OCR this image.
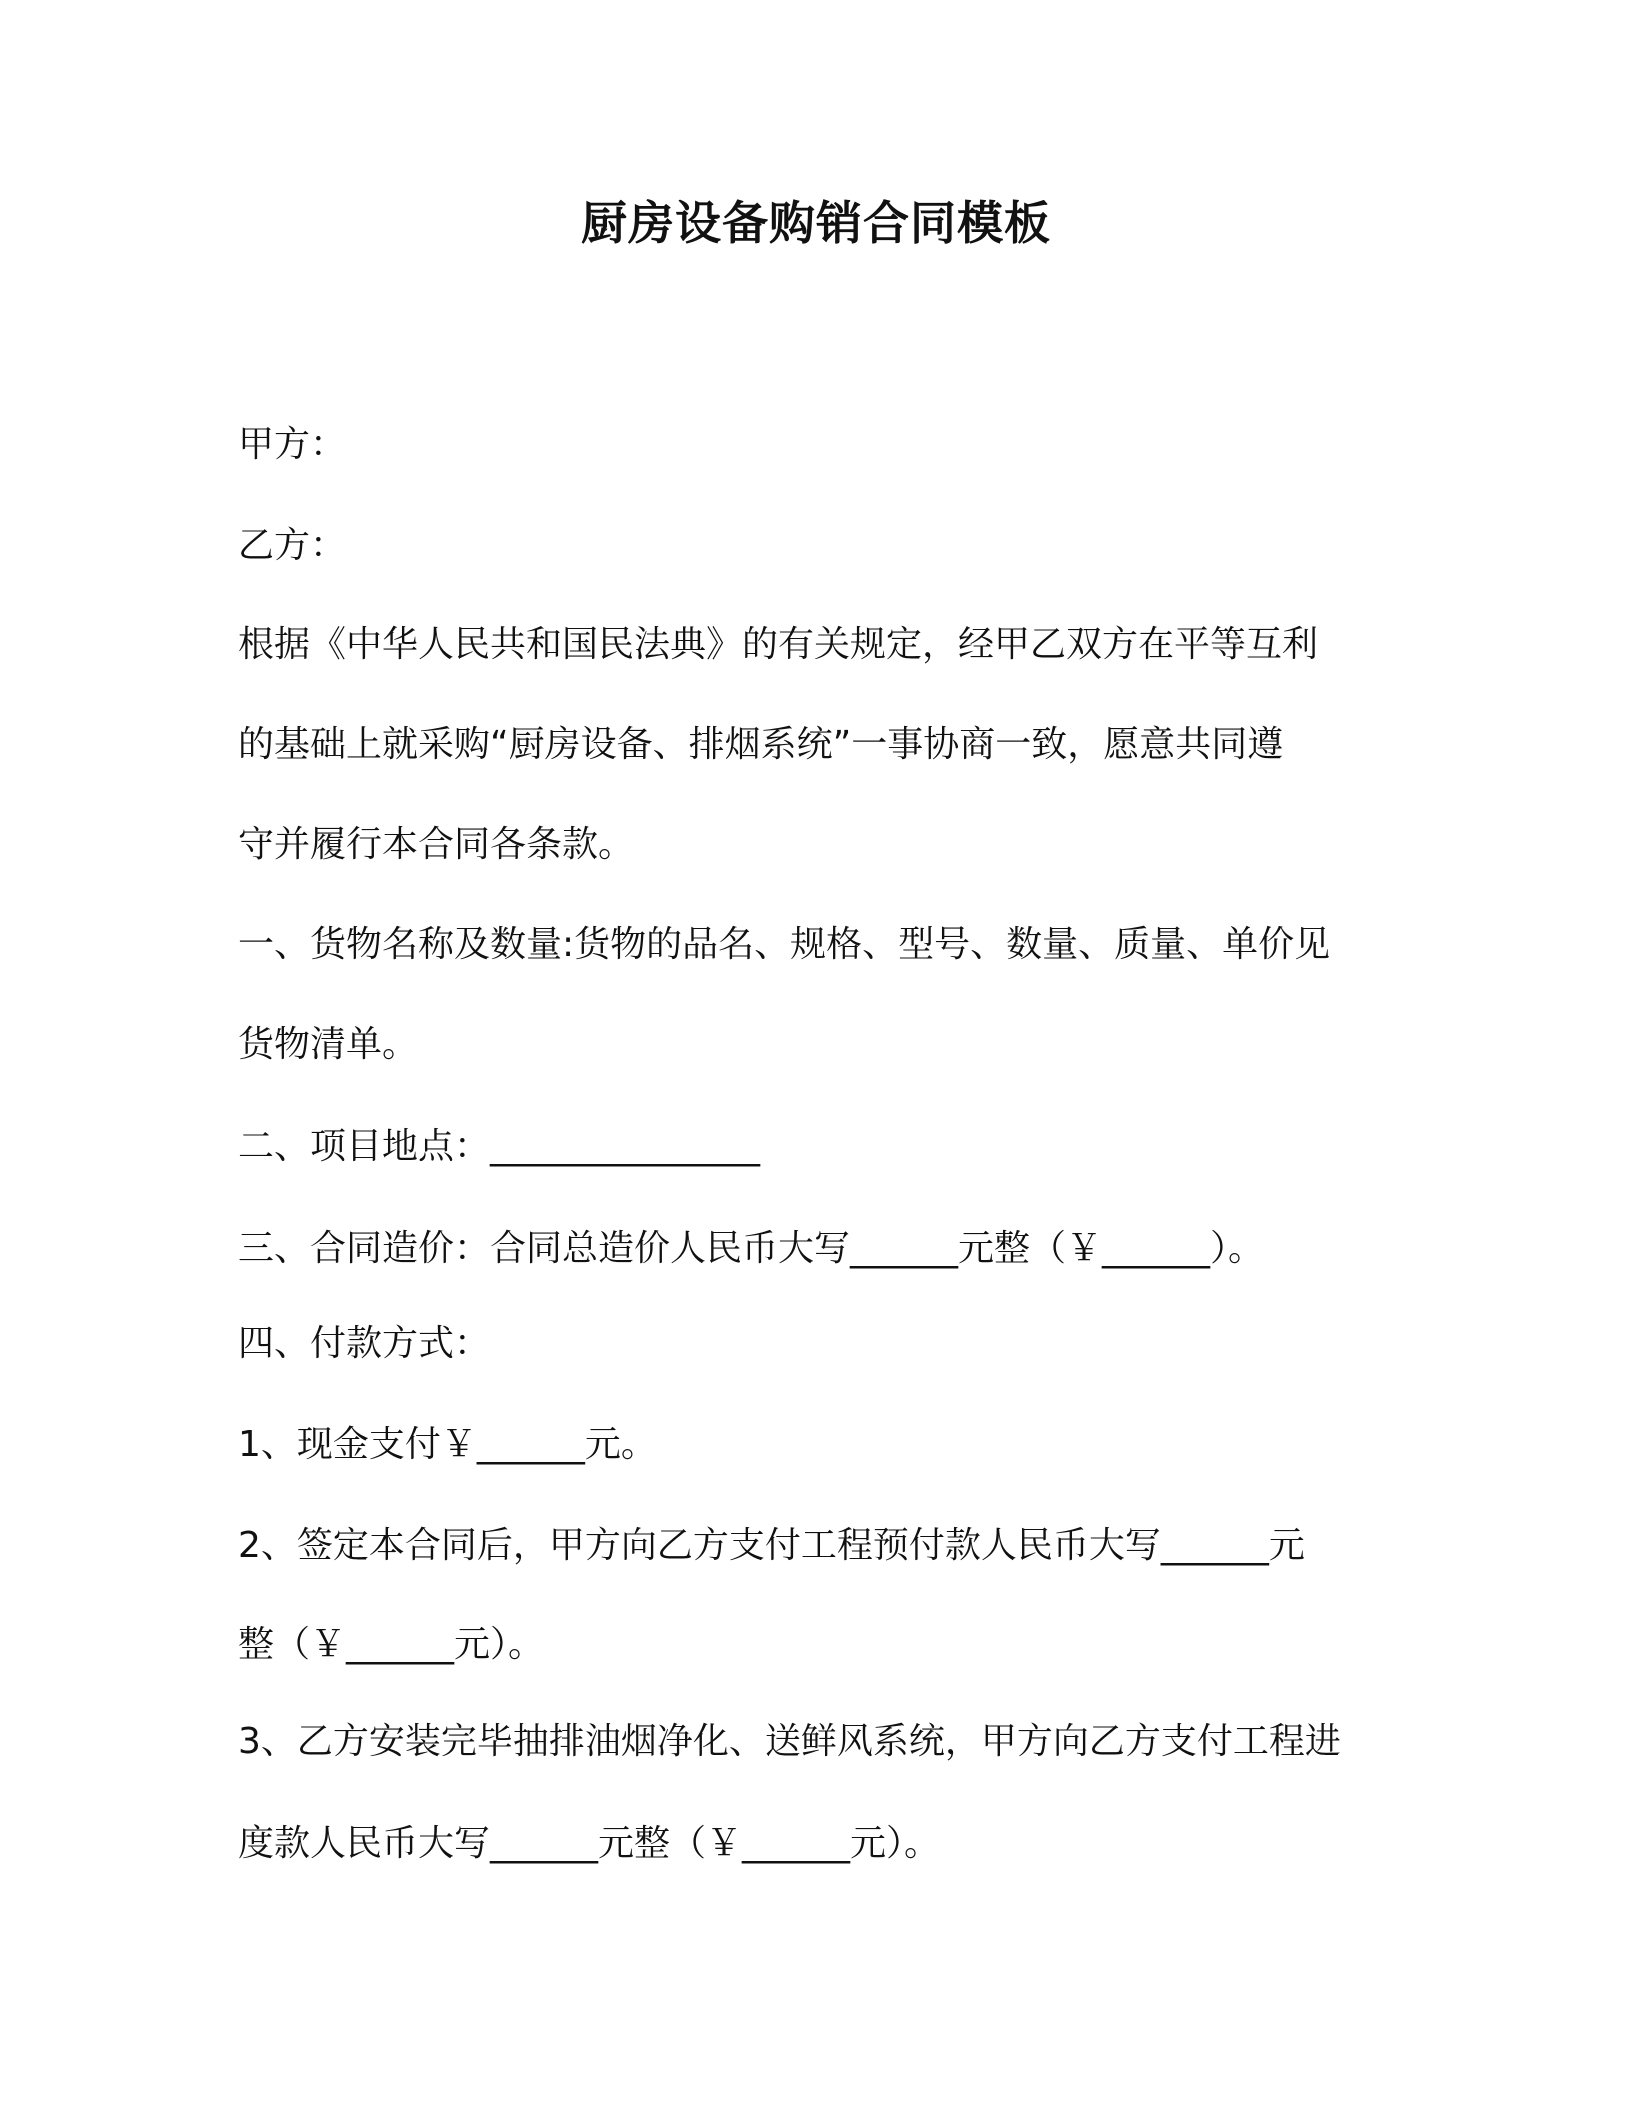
厨房设备购销合同模板
甲方：
乙方：
根据《中华人民共和国民法典》的有关规定，经甲乙双方在平等互利
的基础上就采购“厨房设备、排烟系统”一事协商一致，愿意共同遵
守并履行本合同各条款。
一、货物名称及数量:货物的品名、规格、型号、数量、质量、单价见
货物清单。
二、项目地点：_______________
三、合同造价：合同总造价人民币大写______元整（￥______）。
四、付款方式：
1、现金支付￥______元。
2、签定本合同后，甲方向乙方支付工程预付款人民币大写______元
整（￥______元）。
3、乙方安装完毕抽排油烟净化、送鲜风系统，甲方向乙方支付工程进
度款人民币大写______元整（￥______元）。
